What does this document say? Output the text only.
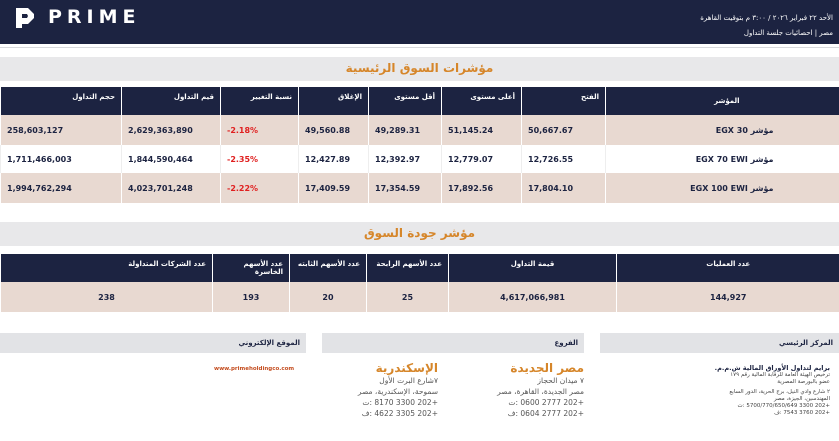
PRIME	الأحد ٢٢ فبراير ٢٠٢٦ / ٣:٠٠ م بتوقيت القاهرة
مصر | احصائيات جلسة التداول
مؤشرات السوق الرئيسية
حجم التداول	قيم التداول	نسبة التغيير	الإغلاق	أقل مستوى	أعلى مستوى	الفتح	المؤشر
258,603,127	2,629,363,890	-2.18%	49,560.88	49,289.31	51,145.24	50,667.67	مؤشر EGX 30
1,711,466,003	1,844,590,464	-2.35%	12,427.89	12,392.97	12,779.07	12,726.55	مؤشر EGX 70 EWI
1,994,762,294	4,023,701,248	-2.22%	17,409.59	17,354.59	17,892.56	17,804.10	مؤشر EGX 100 EWI
مؤشر جودة السوق
عدد الشركات المتداولة	عدد الأسهم الخاسرة	عدد الأسهم الثابته	عدد الأسهم الرابحة	قيمة التداول	عدد العمليات
238	193	20	25	4,617,066,981	144,927
المركز الرئيسي
الفروع
الموقع الإلكتروني
برايم لتداول الأوراق المالية ش.م.م.
ترخيص الهيئة العامة للرقابة المالية رقم ١٧٩
عضو بالبورصة المصرية
٢ شارع وادي النيل، برج الحرية، الدور السابع
المهندسين، الجيزة، مصر
+202 3300 5700/770/650/649 :ت
+202 3760 7543 :ف
مصر الجديدة
٧ ميدان الحجاز
مصر الجديدة، القاهرة، مصر
+202 2777 0600 :ت
+202 2777 0604 :ف
الإسكندرية
٧شارع البرت الأول
سموحة، الإسكندرية، مصر
+202 3300 8170 :ت
+202 3305 4622 :ف
www.primeholdingco.com
